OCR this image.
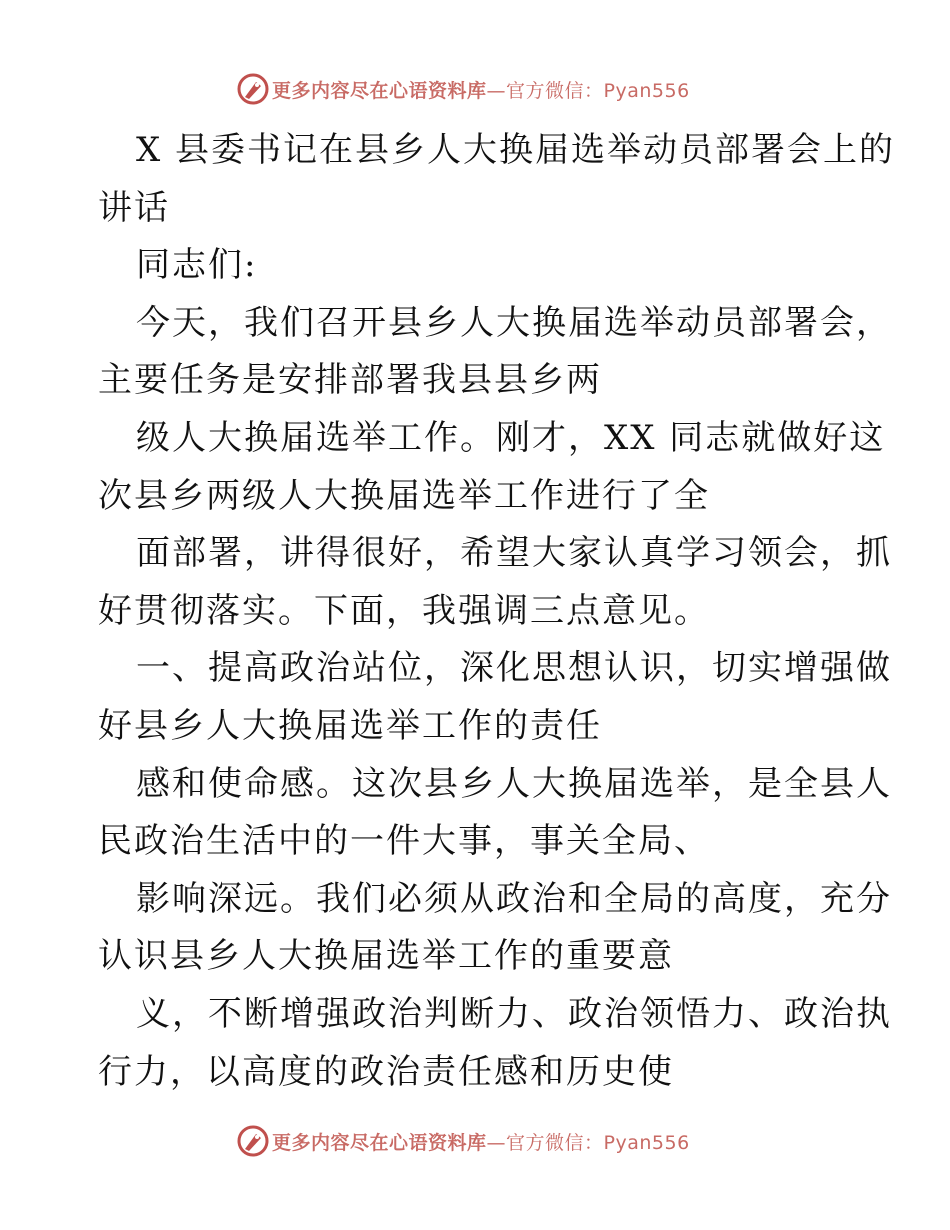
更多内容尽在心语资料库—官方微信：Pyan556
X 县委书记在县乡人大换届选举动员部署会上的
讲话
同志们:
今天，我们召开县乡人大换届选举动员部署会，
主要任务是安排部署我县县乡两
级人大换届选举工作。刚才，XX 同志就做好这
次县乡两级人大换届选举工作进行了全
面部署，讲得很好，希望大家认真学习领会，抓
好贯彻落实。下面，我强调三点意见。
一、提高政治站位，深化思想认识，切实增强做
好县乡人大换届选举工作的责任
感和使命感。这次县乡人大换届选举，是全县人
民政治生活中的一件大事，事关全局、
影响深远。我们必须从政治和全局的高度，充分
认识县乡人大换届选举工作的重要意
义，不断增强政治判断力、政治领悟力、政治执
行力，以高度的政治责任感和历史使
更多内容尽在心语资料库—官方微信：Pyan556
